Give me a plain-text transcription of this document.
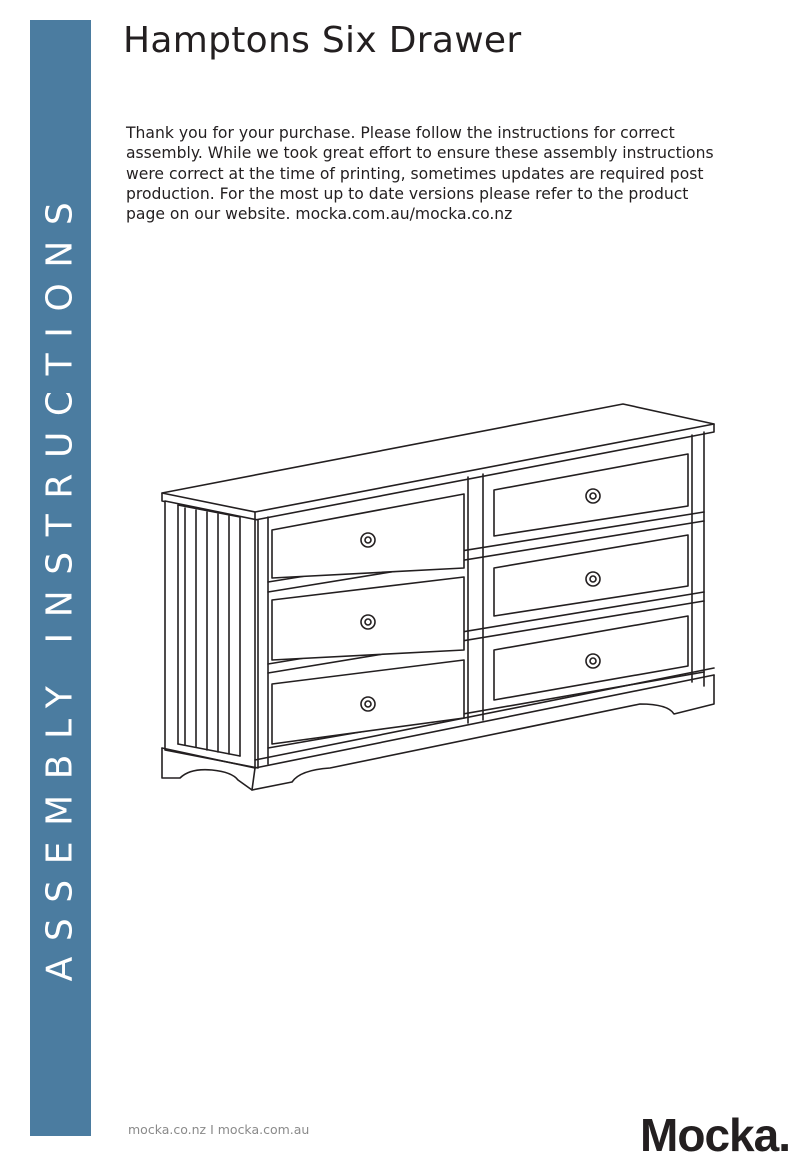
ASSEMBLY INSTRUCTIONS
Hamptons Six Drawer

Thank you for your purchase. Please follow the instructions for correct
assembly. While we took great effort to ensure these assembly instructions
were correct at the time of printing, sometimes updates are required post
production. For the most up to date versions please refer to the product
page on our website. mocka.com.au/mocka.co.nz

mocka.co.nz I mocka.com.au	Mocka.
